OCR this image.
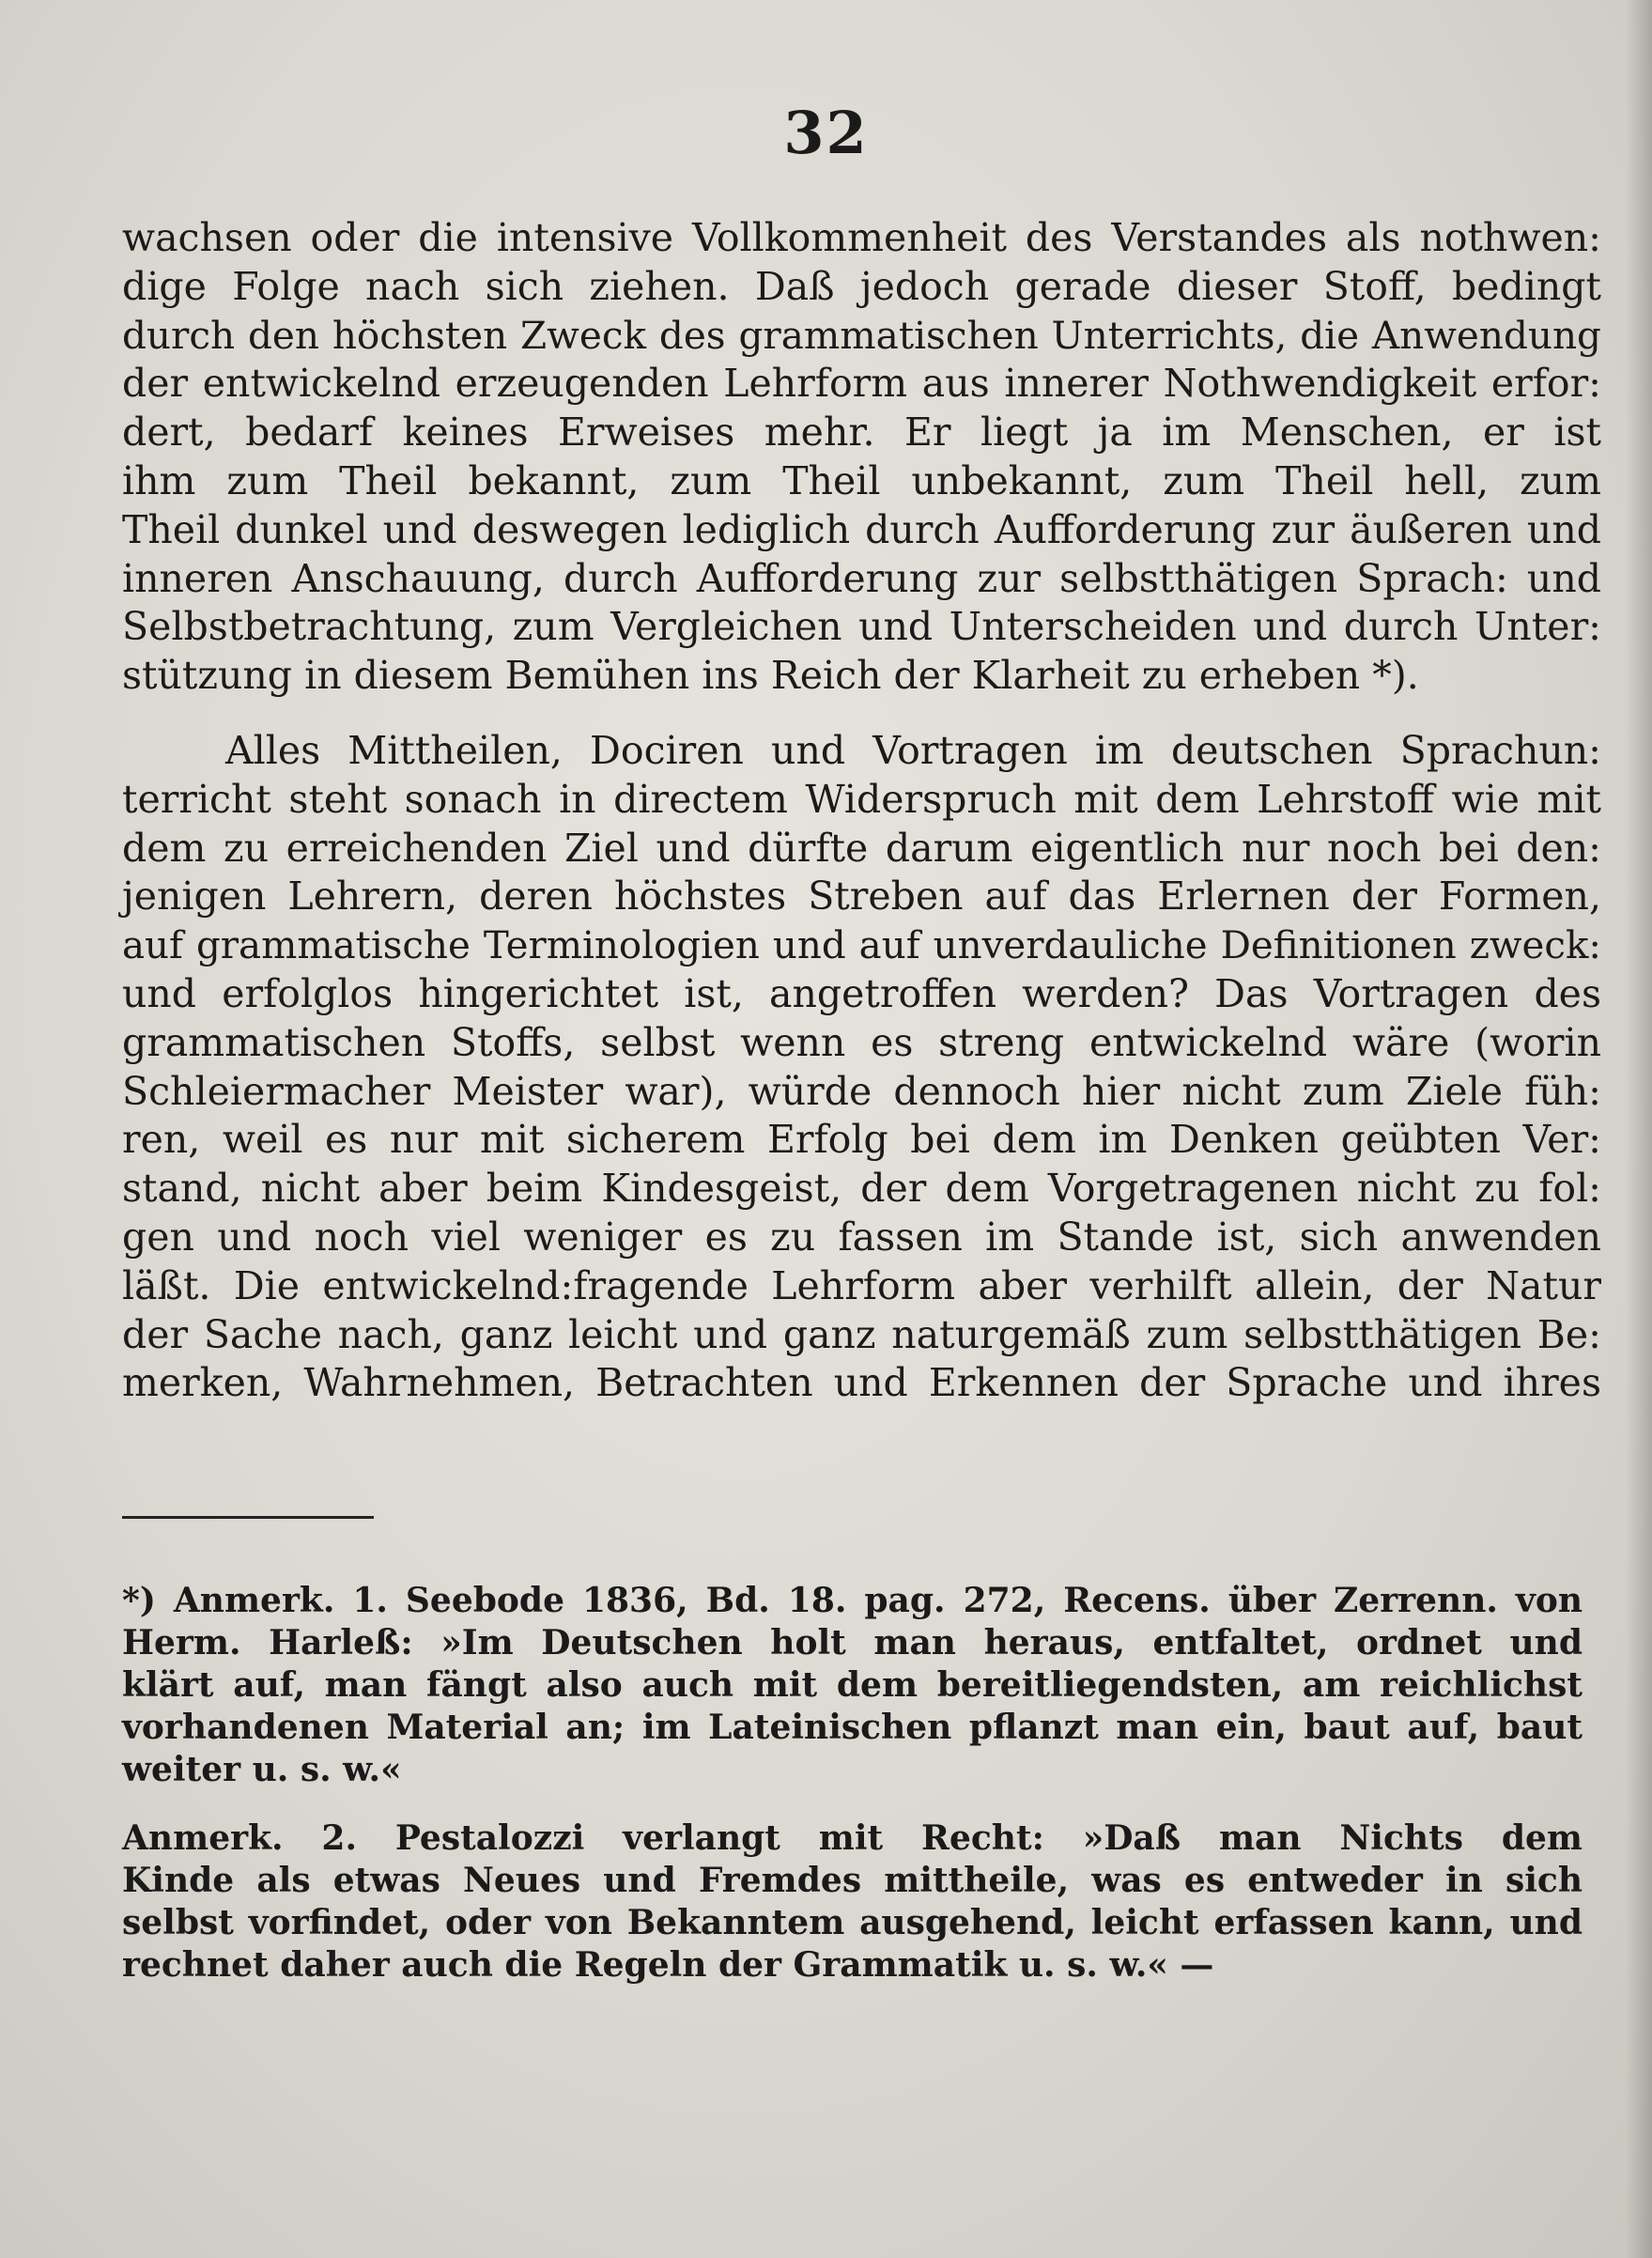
32
wachsen oder die intensive Vollkommenheit des Verstandes als nothwen:
dige Folge nach sich ziehen. Daß jedoch gerade dieser Stoff, bedingt
durch den höchsten Zweck des grammatischen Unterrichts, die Anwendung
der entwickelnd erzeugenden Lehrform aus innerer Nothwendigkeit erfor:
dert, bedarf keines Erweises mehr. Er liegt ja im Menschen, er ist
ihm zum Theil bekannt, zum Theil unbekannt, zum Theil hell, zum
Theil dunkel und deswegen lediglich durch Aufforderung zur äußeren und
inneren Anschauung, durch Aufforderung zur selbstthätigen Sprach: und
Selbstbetrachtung, zum Vergleichen und Unterscheiden und durch Unter:
stützung in diesem Bemühen ins Reich der Klarheit zu erheben *).
Alles Mittheilen, Dociren und Vortragen im deutschen Sprachun:
terricht steht sonach in directem Widerspruch mit dem Lehrstoff wie mit
dem zu erreichenden Ziel und dürfte darum eigentlich nur noch bei den:
jenigen Lehrern, deren höchstes Streben auf das Erlernen der Formen,
auf grammatische Terminologien und auf unverdauliche Definitionen zweck:
und erfolglos hingerichtet ist, angetroffen werden? Das Vortragen des
grammatischen Stoffs, selbst wenn es streng entwickelnd wäre (worin
Schleiermacher Meister war), würde dennoch hier nicht zum Ziele füh:
ren, weil es nur mit sicherem Erfolg bei dem im Denken geübten Ver:
stand, nicht aber beim Kindesgeist, der dem Vorgetragenen nicht zu fol:
gen und noch viel weniger es zu fassen im Stande ist, sich anwenden
läßt. Die entwickelnd:fragende Lehrform aber verhilft allein, der Natur
der Sache nach, ganz leicht und ganz naturgemäß zum selbstthätigen Be:
merken, Wahrnehmen, Betrachten und Erkennen der Sprache und ihres
*) Anmerk. 1. Seebode 1836, Bd. 18. pag. 272, Recens. über Zerrenn. von
Herm. Harleß: »Im Deutschen holt man heraus, entfaltet, ordnet und
klärt auf, man fängt also auch mit dem bereitliegendsten, am reichlichst
vorhandenen Material an; im Lateinischen pflanzt man ein, baut auf, baut
weiter u. s. w.«
Anmerk. 2. Pestalozzi verlangt mit Recht: »Daß man Nichts dem
Kinde als etwas Neues und Fremdes mittheile, was es entweder in sich
selbst vorfindet, oder von Bekanntem ausgehend, leicht erfassen kann, und
rechnet daher auch die Regeln der Grammatik u. s. w.« —
